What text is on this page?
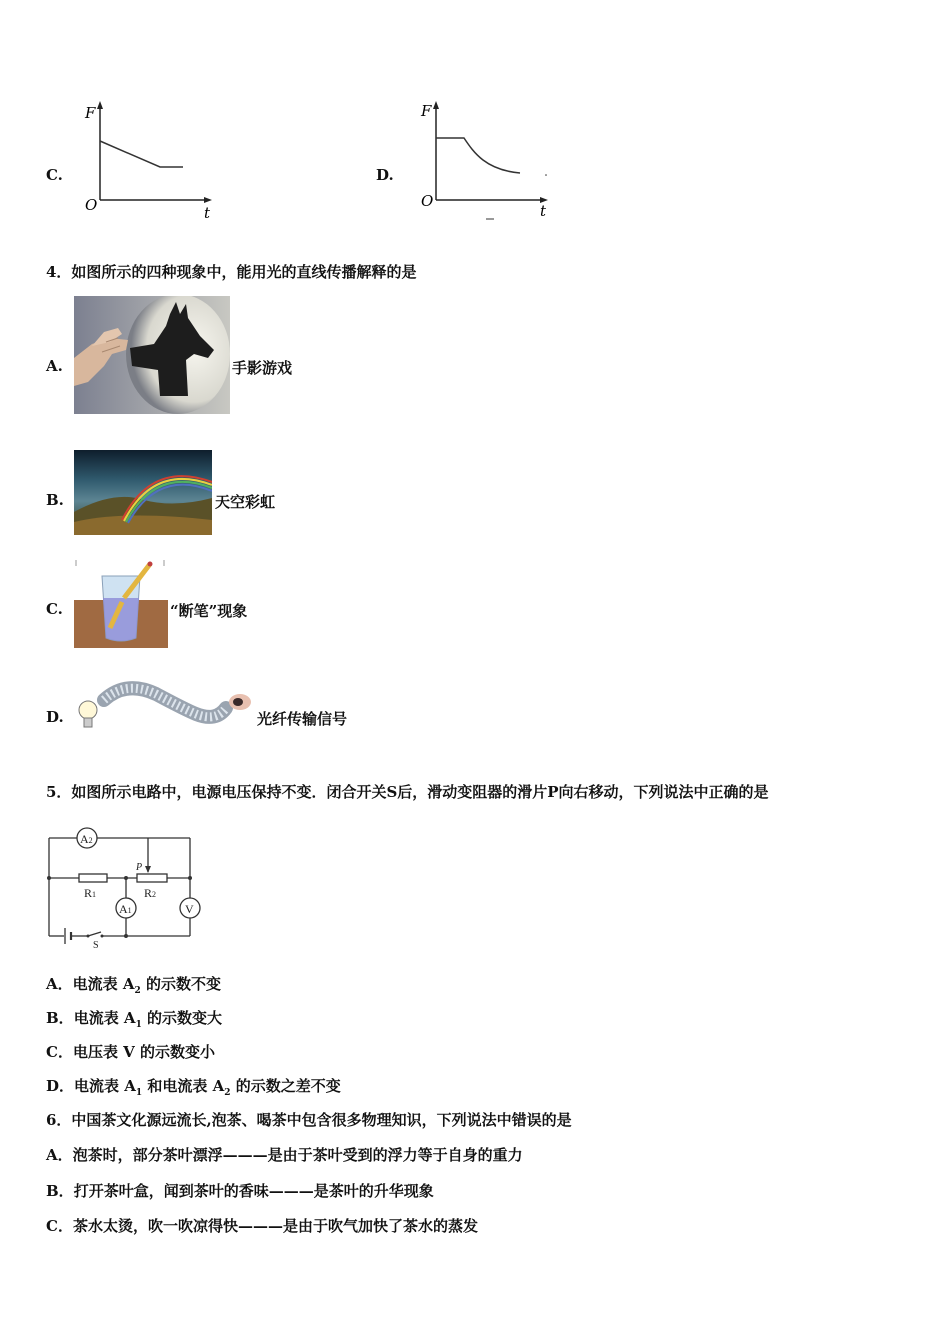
C.
F
O	t
D.
F
O
t
4．如图所示的四种现象中，能用光的直线传播解释的是
A.	手影游戏
B.	天空彩虹
C.	“断笔”现象
D.	光纤传输信号
5．如图所示电路中，电源电压保持不变．闭合开关S后，滑动变阻器的滑片P向右移动，下列说法中正确的是
A2
A1	V
R1	R2
P
S
A．电流表 $A_2$ 的示数不变
B．电流表 $A_1$ 的示数变大
C．电压表 V 的示数变小
D．电流表 $A_1$ 和电流表 $A_2$ 的示数之差不变
6．中国茶文化源远流长,泡茶、喝茶中包含很多物理知识，下列说法中错误的是
A．泡茶时，部分茶叶漂浮———是由于茶叶受到的浮力等于自身的重力
B．打开茶叶盒，闻到茶叶的香味———是茶叶的升华现象
C．茶水太烫，吹一吹凉得快———是由于吹气加快了茶水的蒸发
